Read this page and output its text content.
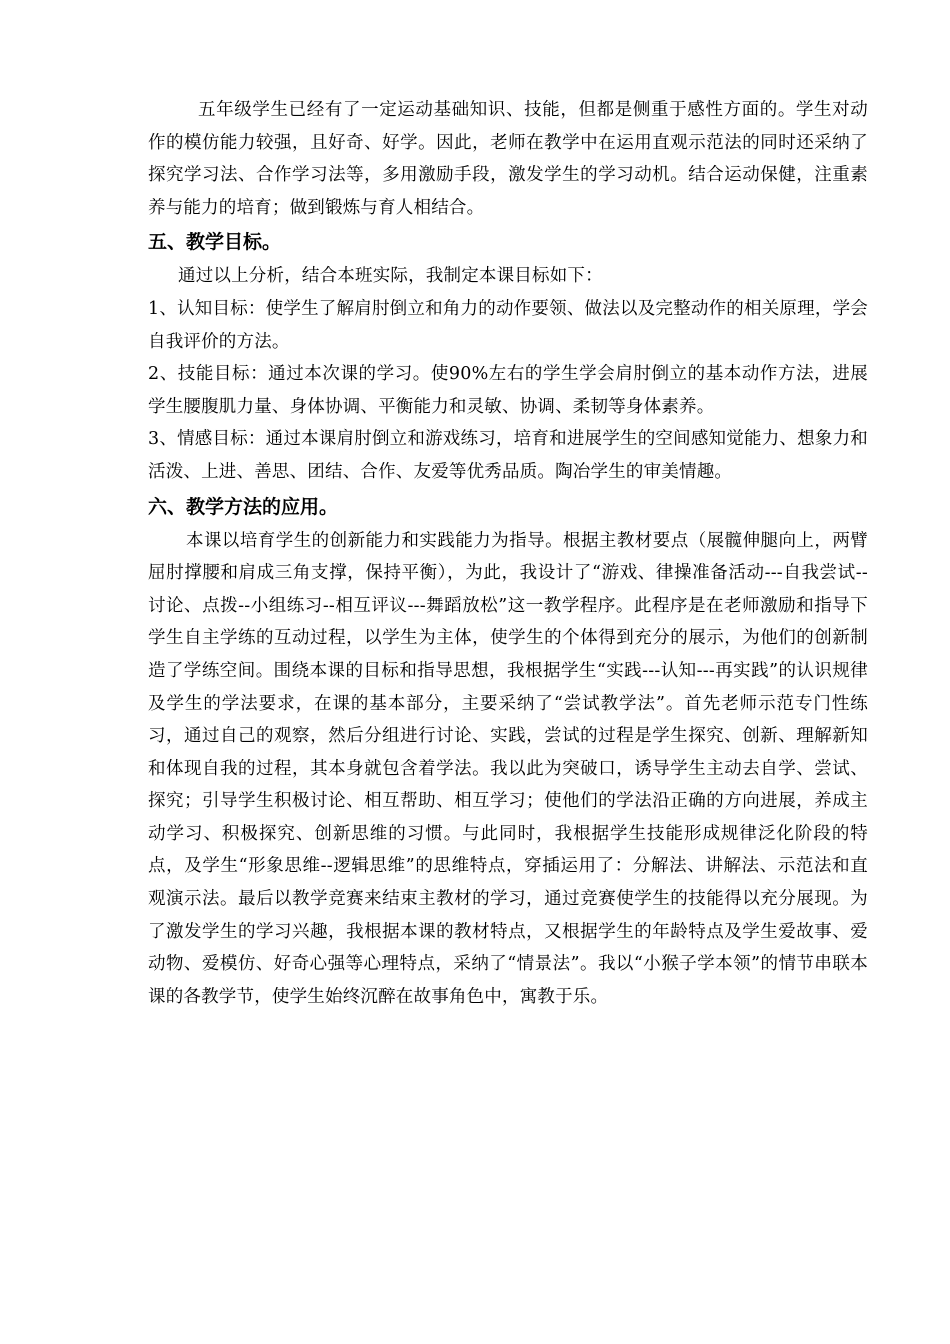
五年级学生已经有了一定运动基础知识、技能，但都是侧重于感性方面的。学生对动作的模仿能力较强，且好奇、好学。因此，老师在教学中在运用直观示范法的同时还采纳了探究学习法、合作学习法等，多用激励手段，激发学生的学习动机。结合运动保健，注重素养与能力的培育；做到锻炼与育人相结合。

五、教学目标。

通过以上分析，结合本班实际，我制定本课目标如下：

1、认知目标：使学生了解肩肘倒立和角力的动作要领、做法以及完整动作的相关原理，学会自我评价的方法。

2、技能目标：通过本次课的学习。使90%左右的学生学会肩肘倒立的基本动作方法，进展学生腰腹肌力量、身体协调、平衡能力和灵敏、协调、柔韧等身体素养。

3、情感目标：通过本课肩肘倒立和游戏练习，培育和进展学生的空间感知觉能力、想象力和活泼、上进、善思、团结、合作、友爱等优秀品质。陶冶学生的审美情趣。

六、教学方法的应用。

本课以培育学生的创新能力和实践能力为指导。根据主教材要点（展髋伸腿向上，两臂屈肘撑腰和肩成三角支撑，保持平衡），为此，我设计了“游戏、律操准备活动---自我尝试--讨论、点拨--小组练习--相互评议---舞蹈放松”这一教学程序。此程序是在老师激励和指导下学生自主学练的互动过程，以学生为主体，使学生的个体得到充分的展示，为他们的创新制造了学练空间。围绕本课的目标和指导思想，我根据学生“实践---认知---再实践”的认识规律及学生的学法要求，在课的基本部分，主要采纳了“尝试教学法”。首先老师示范专门性练习，通过自己的观察，然后分组进行讨论、实践，尝试的过程是学生探究、创新、理解新知和体现自我的过程，其本身就包含着学法。我以此为突破口，诱导学生主动去自学、尝试、探究；引导学生积极讨论、相互帮助、相互学习；使他们的学法沿正确的方向进展，养成主动学习、积极探究、创新思维的习惯。与此同时，我根据学生技能形成规律泛化阶段的特点，及学生“形象思维--逻辑思维”的思维特点，穿插运用了：分解法、讲解法、示范法和直观演示法。最后以教学竞赛来结束主教材的学习，通过竞赛使学生的技能得以充分展现。为了激发学生的学习兴趣，我根据本课的教材特点，又根据学生的年龄特点及学生爱故事、爱动物、爱模仿、好奇心强等心理特点，采纳了“情景法”。我以“小猴子学本领”的情节串联本课的各教学节，使学生始终沉醉在故事角色中，寓教于乐。
